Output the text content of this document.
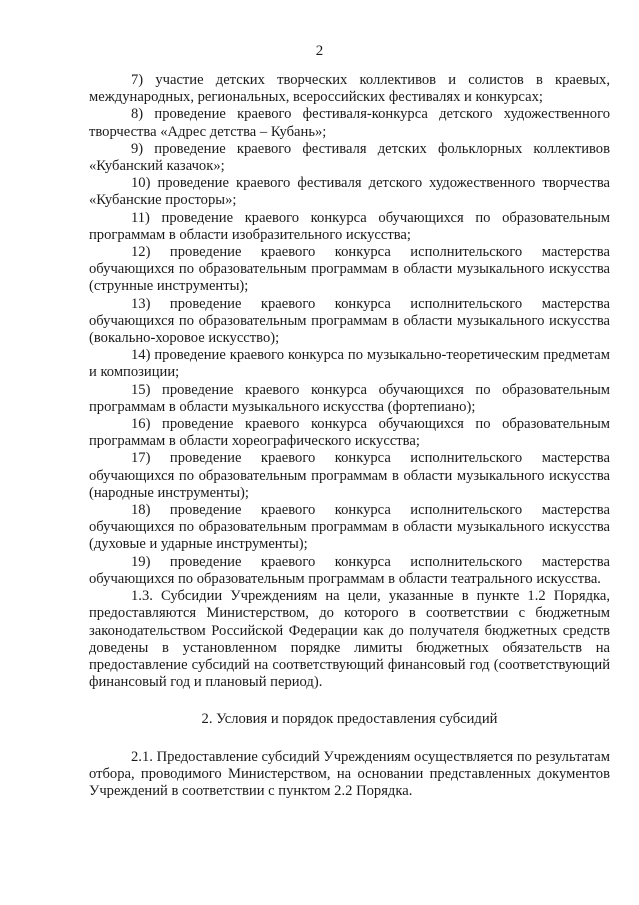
2

7) участие детских творческих коллективов и солистов в краевых, международных, региональных, всероссийских фестивалях и конкурсах;

8) проведение краевого фестиваля-конкурса детского художественного творчества «Адрес детства – Кубань»;

9) проведение краевого фестиваля детских фольклорных коллективов «Кубанский казачок»;

10) проведение краевого фестиваля детского художественного творчества «Кубанские просторы»;

11) проведение краевого конкурса обучающихся по образовательным программам в области изобразительного искусства;

12) проведение краевого конкурса исполнительского мастерства обучающихся по образовательным программам в области музыкального искусства (струнные инструменты);

13) проведение краевого конкурса исполнительского мастерства обучающихся по образовательным программам в области музыкального искусства (вокально-хоровое искусство);

14) проведение краевого конкурса по музыкально-теоретическим предметам и композиции;

15) проведение краевого конкурса обучающихся по образовательным программам в области музыкального искусства (фортепиано);

16) проведение краевого конкурса обучающихся по образовательным программам в области хореографического искусства;

17) проведение краевого конкурса исполнительского мастерства обучающихся по образовательным программам в области музыкального искусства (народные инструменты);

18) проведение краевого конкурса исполнительского мастерства обучающихся по образовательным программам в области музыкального искусства (духовые и ударные инструменты);

19) проведение краевого конкурса исполнительского мастерства обучающихся по образовательным программам в области театрального искусства.

1.3. Субсидии Учреждениям на цели, указанные в пункте 1.2 Порядка, предоставляются Министерством, до которого в соответствии с бюджетным законодательством Российской Федерации как до получателя бюджетных средств доведены в установленном порядке лимиты бюджетных обязательств на предоставление субсидий на соответствующий финансовый год (соответствующий финансовый год и плановый период).

2. Условия и порядок предоставления субсидий

2.1. Предоставление субсидий Учреждениям осуществляется по результатам отбора, проводимого Министерством, на основании представленных документов Учреждений в соответствии с пунктом 2.2 Порядка.
